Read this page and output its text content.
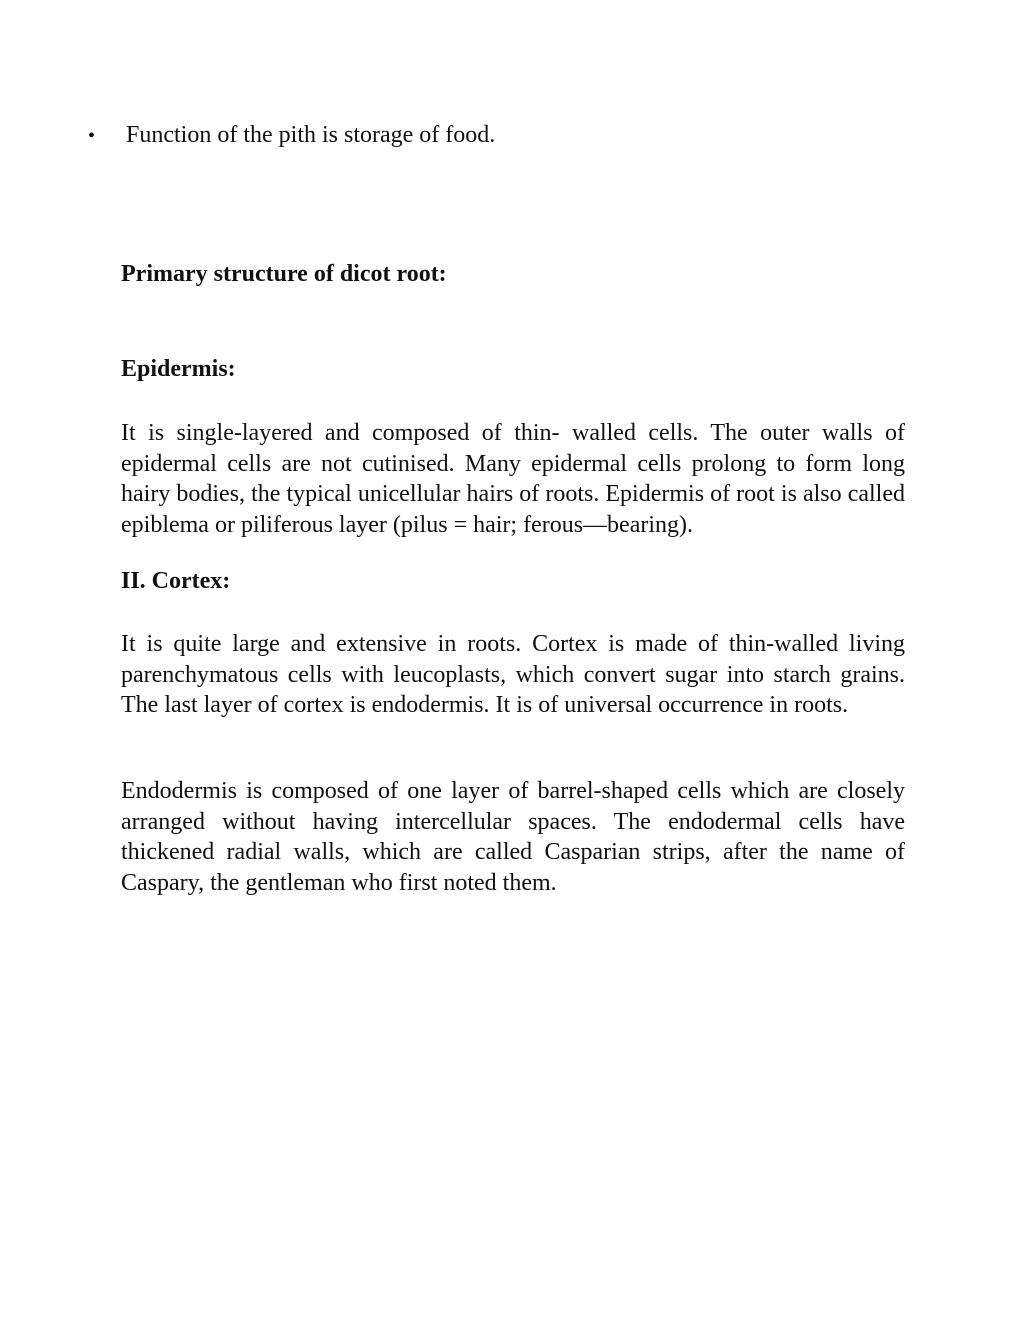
•	Function of the pith is storage of food.
Primary structure of dicot root:
Epidermis:

It is single-layered and composed of thin- walled cells. The outer walls of epidermal cells are not cutinised. Many epidermal cells prolong to form long hairy bodies, the typical unicellular hairs of roots. Epidermis of root is also called epiblema or piliferous layer (pilus = hair; ferous—bearing).

II. Cortex:

It is quite large and extensive in roots. Cortex is made of thin-walled living parenchymatous cells with leucoplasts, which convert sugar into starch grains. The last layer of cortex is endodermis. It is of universal occurrence in roots.

Endodermis is composed of one layer of barrel-shaped cells which are closely arranged without having intercellular spaces. The endodermal cells have thickened radial walls, which are called Casparian strips, after the name of Caspary, the gentleman who first noted them.
